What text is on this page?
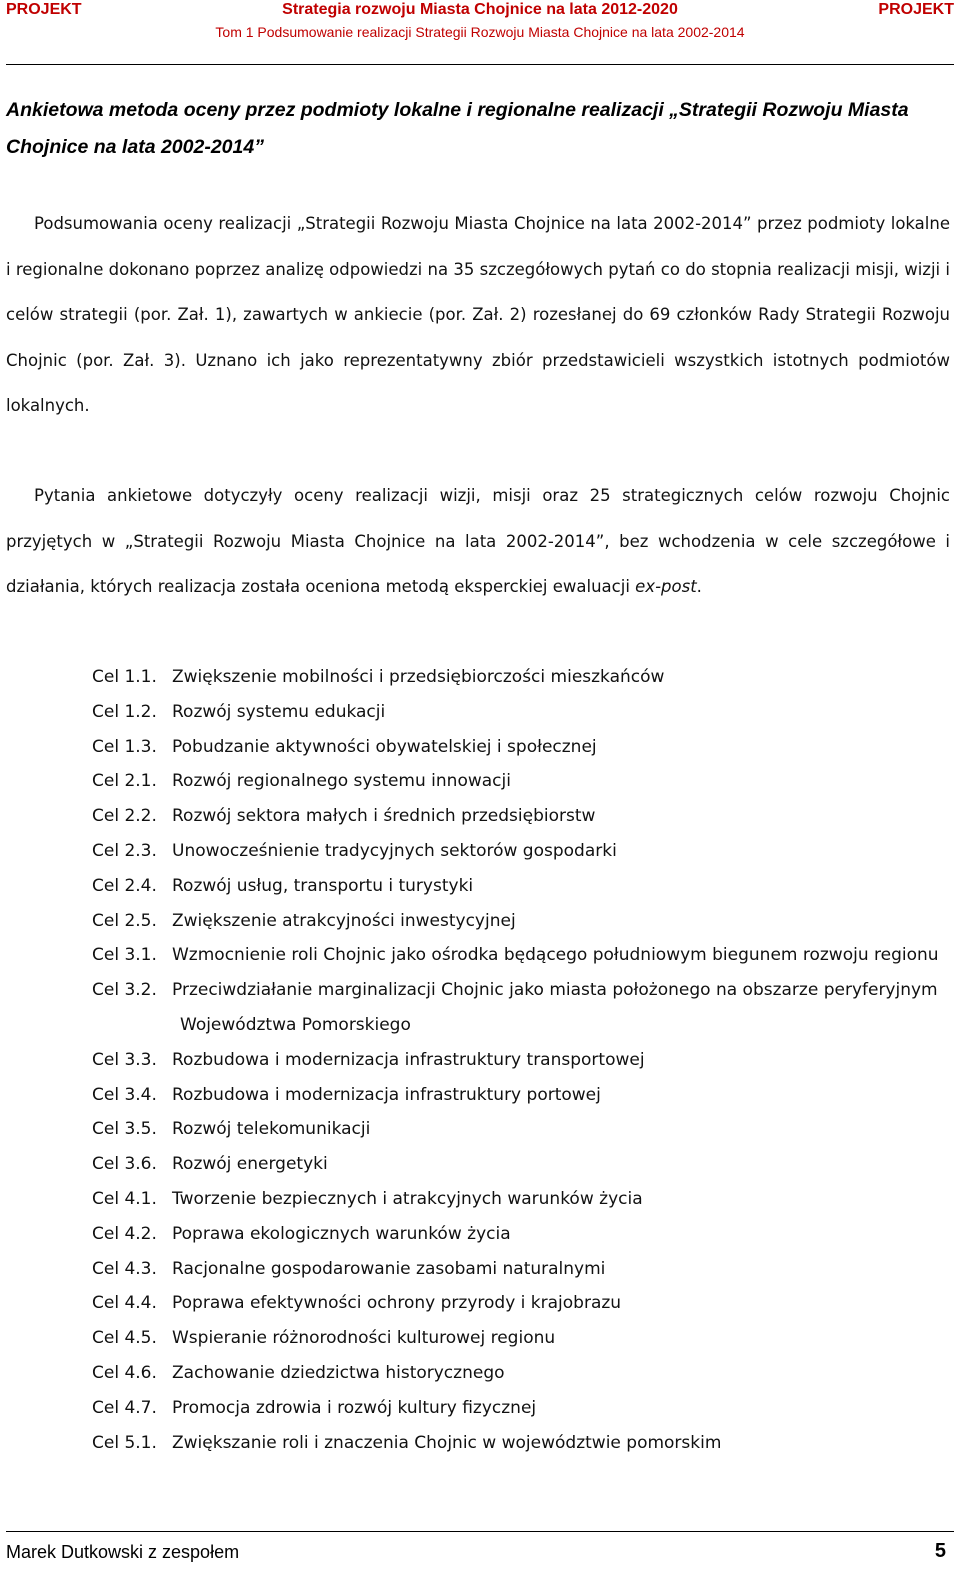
PROJEKT	Strategia rozwoju Miasta Chojnice na lata 2012-2020	PROJEKT
Tom 1 Podsumowanie realizacji Strategii Rozwoju Miasta Chojnice na lata 2002-2014
Ankietowa metoda oceny przez podmioty lokalne i regionalne realizacji „Strategii Rozwoju Miasta Chojnice na lata 2002-2014”
Podsumowania oceny realizacji „Strategii Rozwoju Miasta Chojnice na lata 2002-2014” przez podmioty lokalne i regionalne dokonano poprzez analizę odpowiedzi na 35 szczegółowych pytań co do stopnia realizacji misji, wizji i celów strategii (por. Zał. 1), zawartych w ankiecie (por. Zał. 2) rozesłanej do 69 członków Rady Strategii Rozwoju Chojnic (por. Zał. 3). Uznano ich jako reprezentatywny zbiór przedstawicieli wszystkich istotnych podmiotów lokalnych.
Pytania ankietowe dotyczyły oceny realizacji wizji, misji oraz 25 strategicznych celów rozwoju Chojnic przyjętych w „Strategii Rozwoju Miasta Chojnice na lata 2002-2014”, bez wchodzenia w cele szczegółowe i działania, których realizacja została oceniona metodą eksperckiej ewaluacji ex-post.
Cel 1.1. Zwiększenie mobilności i przedsiębiorczości mieszkańców
Cel 1.2. Rozwój systemu edukacji
Cel 1.3. Pobudzanie aktywności obywatelskiej i społecznej
Cel 2.1. Rozwój regionalnego systemu innowacji
Cel 2.2. Rozwój sektora małych i średnich przedsiębiorstw
Cel 2.3. Unowocześnienie tradycyjnych sektorów gospodarki
Cel 2.4. Rozwój usług, transportu i turystyki
Cel 2.5. Zwiększenie atrakcyjności inwestycyjnej
Cel 3.1. Wzmocnienie roli Chojnic jako ośrodka będącego południowym biegunem rozwoju regionu
Cel 3.2. Przeciwdziałanie marginalizacji Chojnic jako miasta położonego na obszarze peryferyjnym Województwa Pomorskiego
Cel 3.3. Rozbudowa i modernizacja infrastruktury transportowej
Cel 3.4. Rozbudowa i modernizacja infrastruktury portowej
Cel 3.5. Rozwój telekomunikacji
Cel 3.6. Rozwój energetyki
Cel 4.1. Tworzenie bezpiecznych i atrakcyjnych warunków życia
Cel 4.2. Poprawa ekologicznych warunków życia
Cel 4.3. Racjonalne gospodarowanie zasobami naturalnymi
Cel 4.4. Poprawa efektywności ochrony przyrody i krajobrazu
Cel 4.5. Wspieranie różnorodności kulturowej regionu
Cel 4.6. Zachowanie dziedzictwa historycznego
Cel 4.7. Promocja zdrowia i rozwój kultury fizycznej
Cel 5.1. Zwiększanie roli i znaczenia Chojnic w województwie pomorskim
Marek Dutkowski z zespołem	5
